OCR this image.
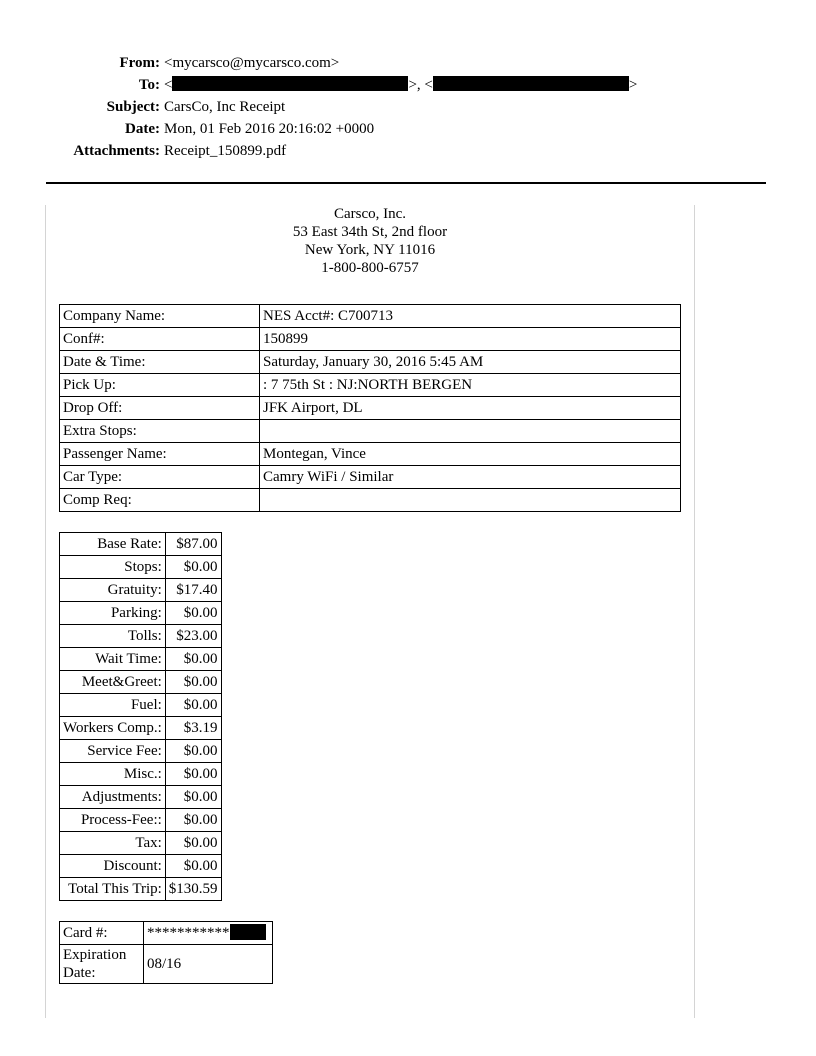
From: <mycarsco@mycarsco.com>
To: <	>, <	>
Subject: CarsCo, Inc Receipt
Date: Mon, 01 Feb 2016 20:16:02 +0000
Attachments: Receipt_150899.pdf
Carsco, Inc.
53 East 34th St, 2nd floor
New York, NY 11016
1-800-800-6757
Company Name:	NES Acct#: C700713
Conf#:	150899
Date & Time:	Saturday, January 30, 2016 5:45 AM
Pick Up:	: 7 75th St : NJ:NORTH BERGEN
Drop Off:	JFK Airport, DL
Extra Stops:	
Passenger Name:	Montegan, Vince
Car Type:	Camry WiFi / Similar
Comp Req:	
Base Rate:	$87.00
Stops:	$0.00
Gratuity:	$17.40
Parking:	$0.00
Tolls:	$23.00
Wait Time:	$0.00
Meet&Greet:	$0.00
Fuel:	$0.00
Workers Comp.:	$3.19
Service Fee:	$0.00
Misc.:	$0.00
Adjustments:	$0.00
Process-Fee::	$0.00
Tax:	$0.00
Discount:	$0.00
Total This Trip:	$130.59
Card #:	***********
Expiration Date:	08/16
